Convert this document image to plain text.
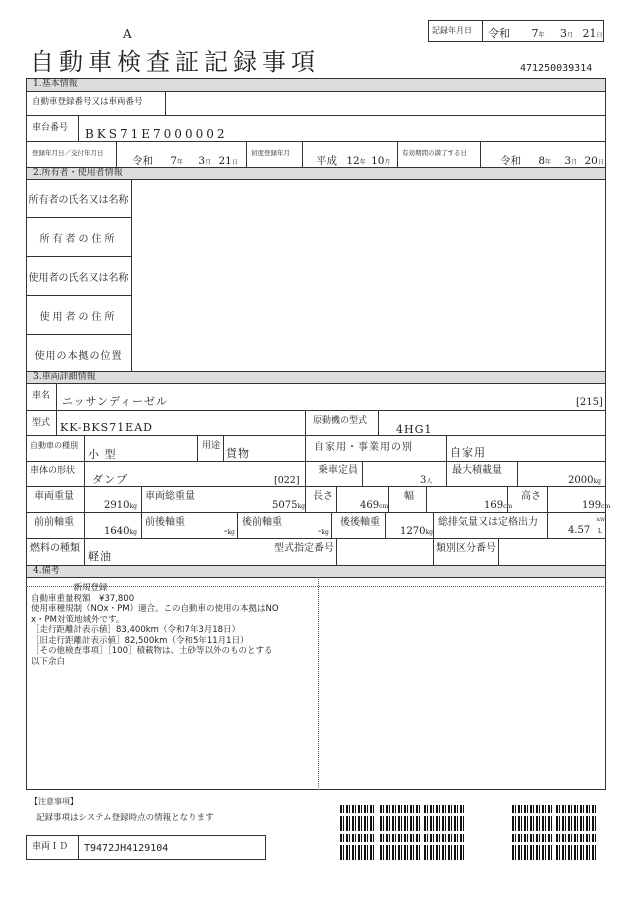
A
自動車検査証記録事項
記録年月日 令和 7年 3月 21日
471250039314
1.基本情報
自動車登録番号又は車両番号
車台番号 BKS71E7000002
登録年月日／交付年月日
令和 7年 3月 21日
初度登録年月
平成 12年 10月
有効期間の満了する日
令和 8年 3月 20日
2.所有者・使用者情報
所有者の氏名又は名称
所有者の住所
使用者の氏名又は名称
使用者の住所
使用の本拠の位置
3.車両詳細情報
車名 ニッサンディーゼル	[215]
型式 KK-BKS71EAD	原動機の型式
4HG1
自動車の種別
小 型
用途
貨物	自家用・事業用の別	自家用
車体の形状
ダンプ	[022]
乗車定員
3人
最大積載量
2000kg
車両重量
2910kg
車両総重量
5075kg
長さ
469cm
幅
169cm
高さ
199cm
前前軸重
1640kg
前後軸重
-kg
後前軸重
-kg
後後軸重
1270kg
総排気量又は定格出力
4.57
kW
L
燃料の種類
軽油
型式指定番号	類別区分番号
4.備考
　　　　　新規登録
自動車重量税額　¥37,800
使用車種規制（NOx・PM）適合。この自動車の使用の本拠はNO
x・PM対策地域外です。
［走行距離計表示値］83,400km（令和7年3月18日）
［旧走行距離計表示値］82,500km（令和5年11月1日）
［その他検査事項］［100］積載物は、土砂等以外のものとする
以下余白
【注意事項】
記録事項はシステム登録時点の情報となります
車両ＩＤ T9472JH4129104
